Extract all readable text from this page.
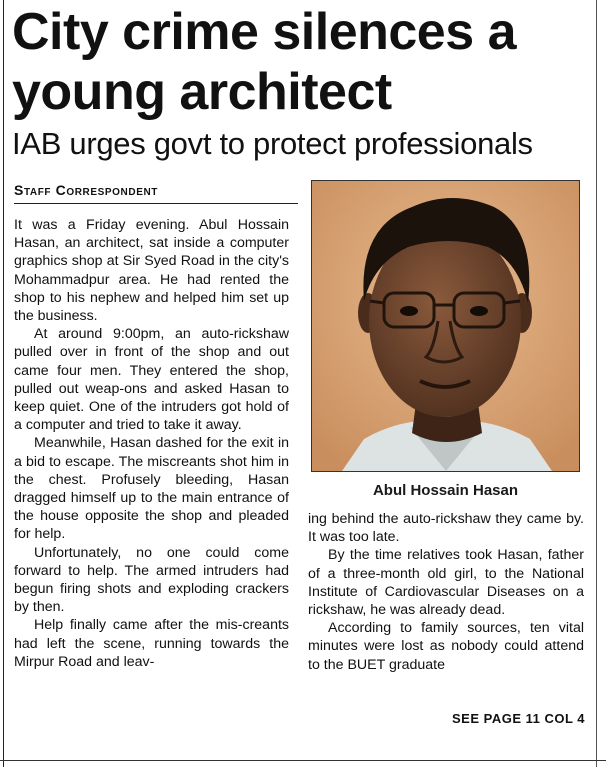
City crime silences a young architect
IAB urges govt to protect professionals
Staff Correspondent

It was a Friday evening. Abul Hossain Hasan, an architect, sat inside a computer graphics shop at Sir Syed Road in the city's Mohammadpur area. He had rented the shop to his nephew and helped him set up the business.

At around 9:00pm, an auto-rickshaw pulled over in front of the shop and out came four men. They entered the shop, pulled out weap-ons and asked Hasan to keep quiet. One of the intruders got hold of a computer and tried to take it away.

Meanwhile, Hasan dashed for the exit in a bid to escape. The miscreants shot him in the chest. Profusely bleeding, Hasan dragged himself up to the main entrance of the house opposite the shop and pleaded for help.

Unfortunately, no one could come forward to help. The armed intruders had begun firing shots and exploding crackers by then.

Help finally came after the mis-creants had left the scene, running towards the Mirpur Road and leav-

Abul Hossain Hasan

ing behind the auto-rickshaw they came by. It was too late.

By the time relatives took Hasan, father of a three-month old girl, to the National Institute of Cardiovascular Diseases on a rickshaw, he was already dead.

According to family sources, ten vital minutes were lost as nobody could attend to the BUET graduate

SEE PAGE 11 COL 4
